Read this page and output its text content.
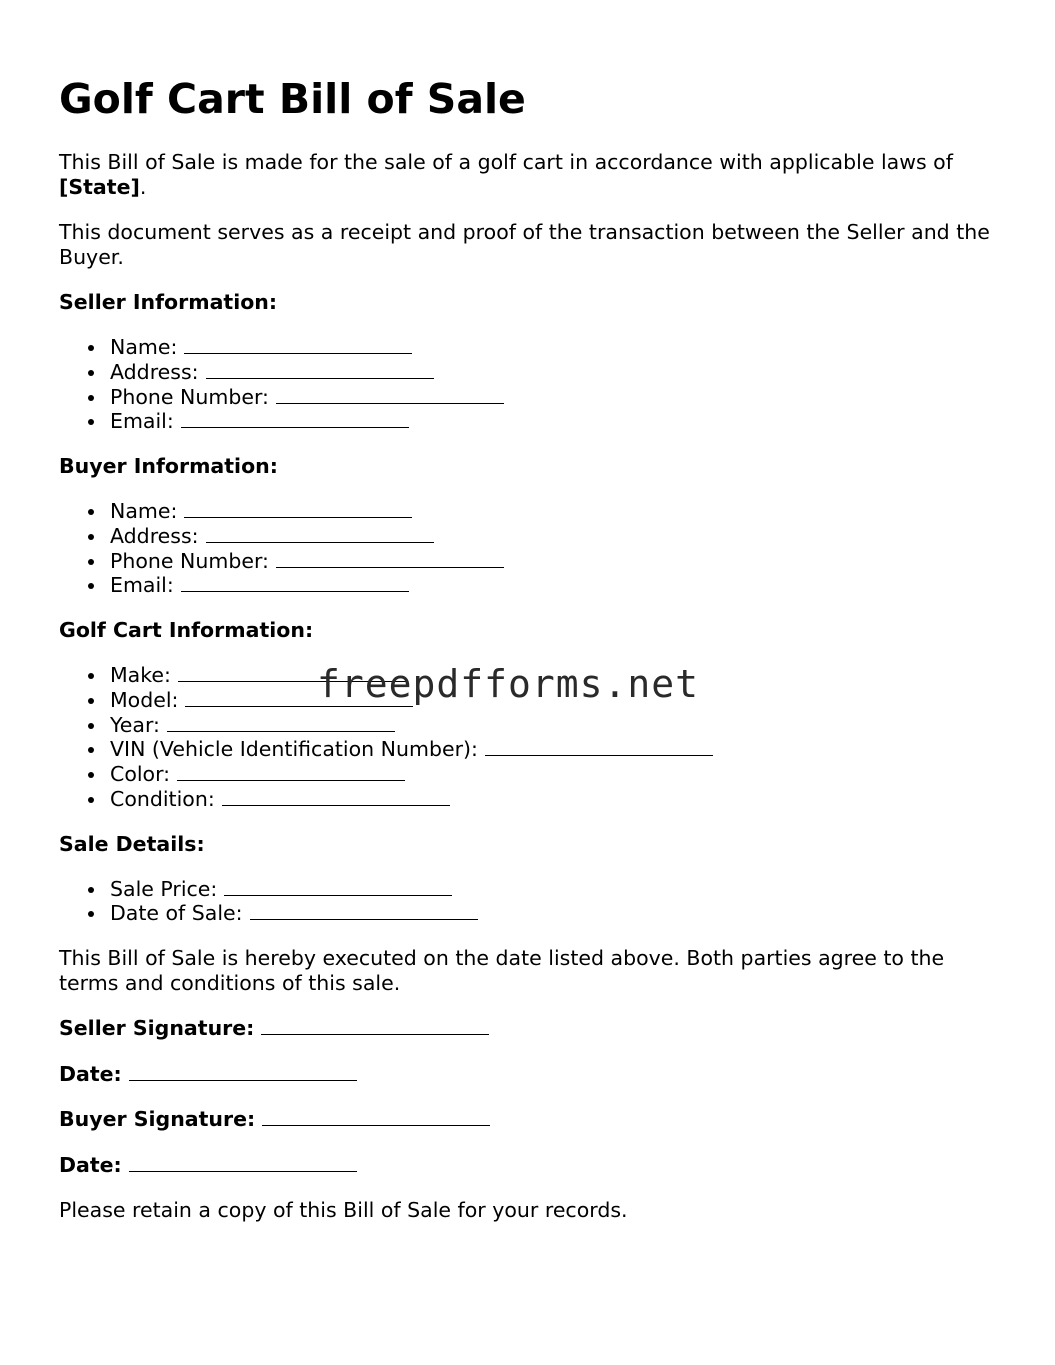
Golf Cart Bill of Sale

This Bill of Sale is made for the sale of a golf cart in accordance with applicable laws of [State].

This document serves as a receipt and proof of the transaction between the Seller and the Buyer.

Seller Information:
Name:
Address:
Phone Number:
Email:
Buyer Information:
Name:
Address:
Phone Number:
Email:
Golf Cart Information:
Make:
Model:
Year:
VIN (Vehicle Identification Number):
Color:
Condition:
Sale Details:
Sale Price:
Date of Sale:

This Bill of Sale is hereby executed on the date listed above. Both parties agree to the terms and conditions of this sale.

Seller Signature:
Date:
Buyer Signature:
Date:

Please retain a copy of this Bill of Sale for your records.

freepdfforms.net
